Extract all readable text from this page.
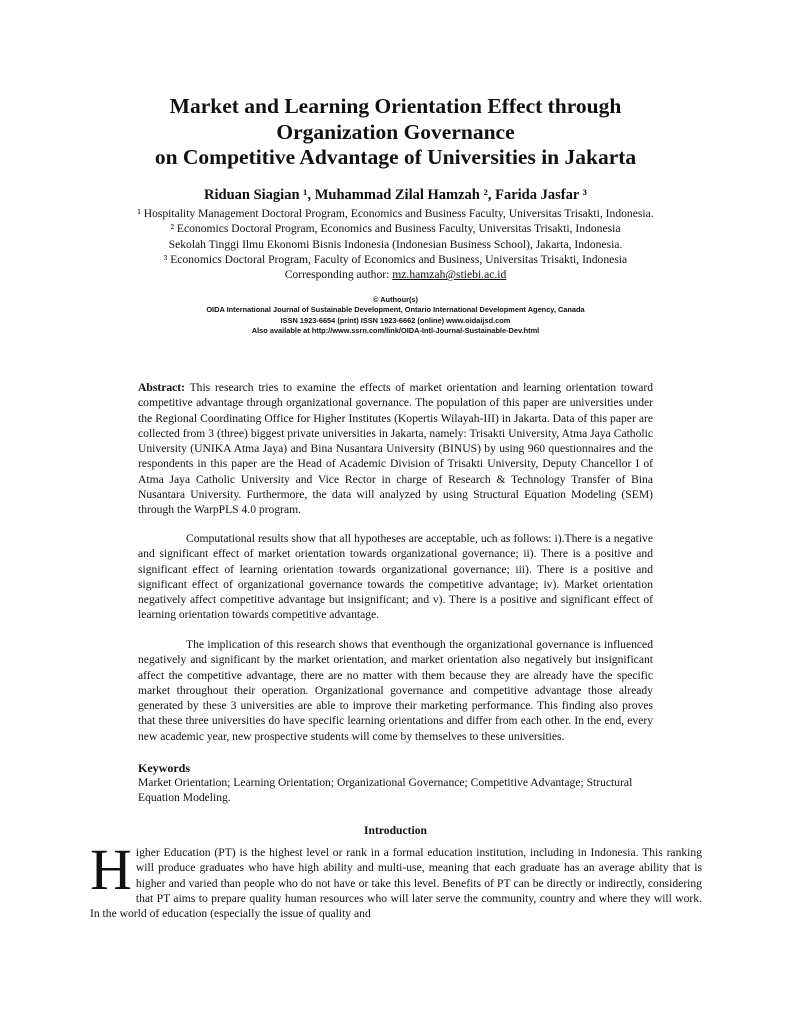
Market and Learning Orientation Effect through
Organization Governance
on Competitive Advantage of Universities in Jakarta

Riduan Siagian ¹, Muhammad Zilal Hamzah ², Farida Jasfar ³

¹ Hospitality Management Doctoral Program, Economics and Business Faculty, Universitas Trisakti, Indonesia.
² Economics Doctoral Program, Economics and Business Faculty, Universitas Trisakti, Indonesia
Sekolah Tinggi Ilmu Ekonomi Bisnis Indonesia (Indonesian Business School), Jakarta, Indonesia.
³ Economics Doctoral Program, Faculty of Economics and Business, Universitas Trisakti, Indonesia
Corresponding author: mz.hamzah@stiebi.ac.id

© Authour(s)
OIDA International Journal of Sustainable Development, Ontario International Development Agency, Canada
ISSN 1923-6654 (print) ISSN 1923-6662 (online) www.oidaijsd.com
Also available at http://www.ssrn.com/link/OIDA-Intl-Journal-Sustainable-Dev.html

Abstract: This research tries to examine the effects of market orientation and learning orientation toward competitive advantage through organizational governance. The population of this paper are universities under the Regional Coordinating Office for Higher Institutes (Kopertis Wilayah-III) in Jakarta. Data of this paper are collected from 3 (three) biggest private universities in Jakarta, namely: Trisakti University, Atma Jaya Catholic University (UNIKA Atma Jaya) and Bina Nusantara University (BINUS) by using 960 questionnaires and the respondents in this paper are the Head of Academic Division of Trisakti University, Deputy Chancellor I of Atma Jaya Catholic University and Vice Rector in charge of Research & Technology Transfer of Bina Nusantara University. Furthermore, the data will analyzed by using Structural Equation Modeling (SEM) through the WarpPLS 4.0 program.

Computational results show that all hypotheses are acceptable, uch as follows: i).There is a negative and significant effect of market orientation towards organizational governance; ii). There is a positive and significant effect of learning orientation towards organizational governance; iii). There is a positive and significant effect of organizational governance towards the competitive advantage; iv). Market orientation negatively affect competitive advantage but insignificant; and v). There is a positive and significant effect of learning orientation towards competitive advantage.

The implication of this research shows that eventhough the organizational governance is influenced negatively and significant by the market orientation, and market orientation also negatively but insignificant affect the competitive advantage, there are no matter with them because they are already have the specific market throughout their operation. Organizational governance and competitive advantage those already generated by these 3 universities are able to improve their marketing performance. This finding also proves that these three universities do have specific learning orientations and differ from each other. In the end, every new academic year, new prospective students will come by themselves to these universities.

Keywords

Market Orientation; Learning Orientation; Organizational Governance; Competitive Advantage; Structural Equation Modeling.

Introduction

Higher Education (PT) is the highest level or rank in a formal education institution, including in Indonesia. This ranking will produce graduates who have high ability and multi-use, meaning that each graduate has an average ability that is higher and varied than people who do not have or take this level. Benefits of PT can be directly or indirectly, considering that PT aims to prepare quality human resources who will later serve the community, country and where they will work. In the world of education (especially the issue of quality and
